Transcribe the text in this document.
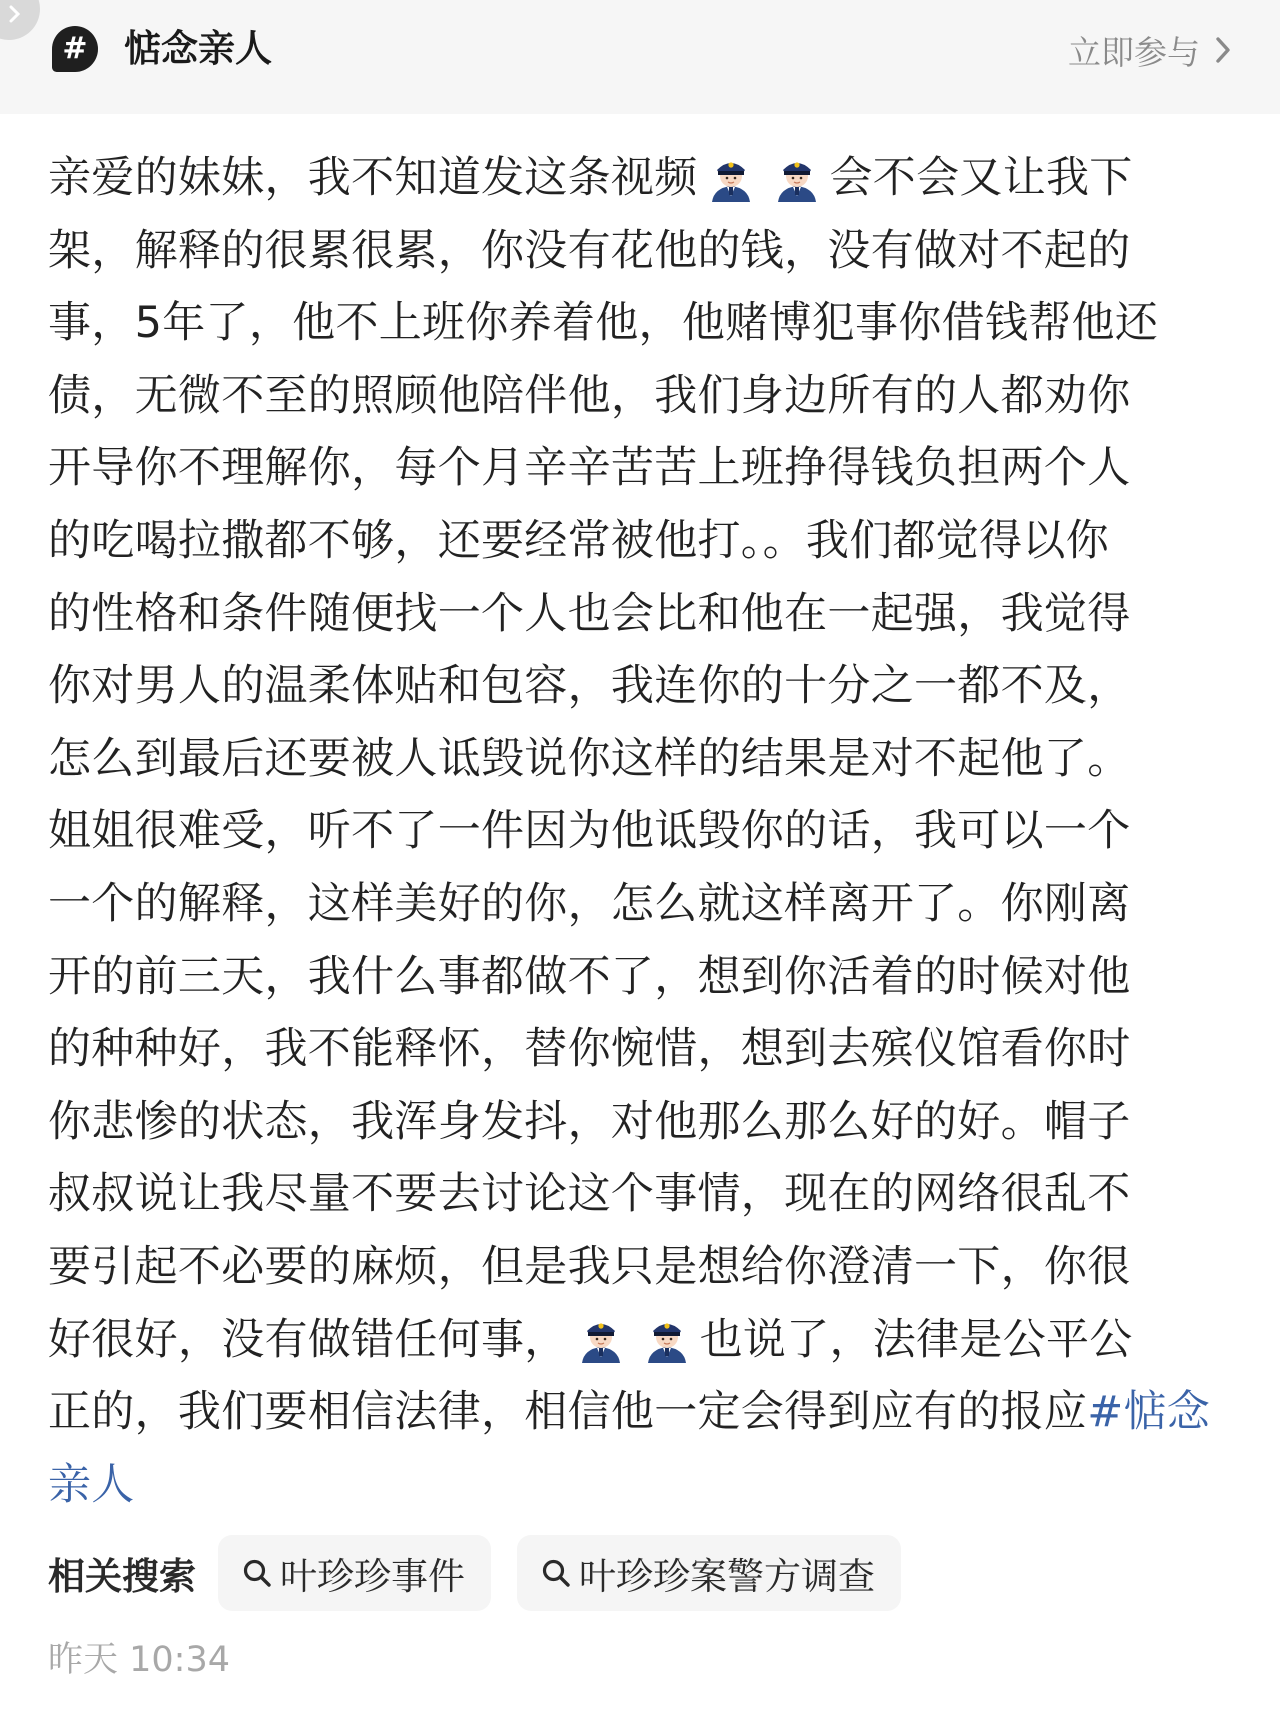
# 惦念亲人	立即参与
亲爱的妹妹，我不知道发这条视频	会不会又让我下
架，解释的很累很累，你没有花他的钱，没有做对不起的
事，5年了，他不上班你养着他，他赌博犯事你借钱帮他还
债，无微不至的照顾他陪伴他，我们身边所有的人都劝你
开导你不理解你，每个月辛辛苦苦上班挣得钱负担两个人
的吃喝拉撒都不够，还要经常被他打。。我们都觉得以你
的性格和条件随便找一个人也会比和他在一起强，我觉得
你对男人的温柔体贴和包容，我连你的十分之一都不及，
怎么到最后还要被人诋毁说你这样的结果是对不起他了。
姐姐很难受，听不了一件因为他诋毁你的话，我可以一个
一个的解释，这样美好的你，怎么就这样离开了。你刚离
开的前三天，我什么事都做不了，想到你活着的时候对他
的种种好，我不能释怀，替你惋惜，想到去殡仪馆看你时
你悲惨的状态，我浑身发抖，对他那么那么好的好。帽子
叔叔说让我尽量不要去讨论这个事情，现在的网络很乱不
要引起不必要的麻烦，但是我只是想给你澄清一下，你很
好很好，没有做错任何事，	也说了，法律是公平公
正的，我们要相信法律，相信他一定会得到应有的报应#惦念
亲人
相关搜索 叶珍珍事件	叶珍珍案警方调查
昨天 10:34
